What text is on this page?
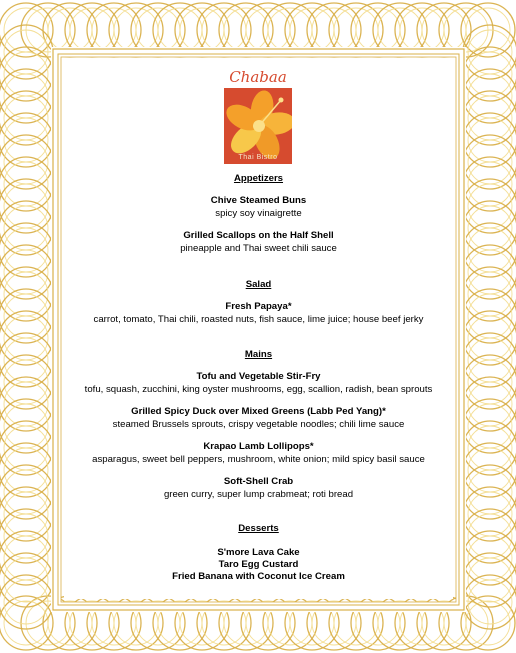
Chabaa
Thai Bistro
Appetizers
Chive Steamed Buns
spicy soy vinaigrette
Grilled Scallops on the Half Shell
pineapple and Thai sweet chili sauce
Salad
Fresh Papaya*
carrot, tomato, Thai chili, roasted nuts, fish sauce, lime juice; house beef jerky
Mains
Tofu and Vegetable Stir-Fry
tofu, squash, zucchini, king oyster mushrooms, egg, scallion, radish, bean sprouts
Grilled Spicy Duck over Mixed Greens (Labb Ped Yang)*
steamed Brussels sprouts, crispy vegetable noodles; chili lime sauce
Krapao Lamb Lollipops*
asparagus, sweet bell peppers, mushroom, white onion; mild spicy basil sauce
Soft-Shell Crab
green curry, super lump crabmeat; roti bread
Desserts
S'more Lava Cake
Taro Egg Custard
Fried Banana with Coconut Ice Cream
